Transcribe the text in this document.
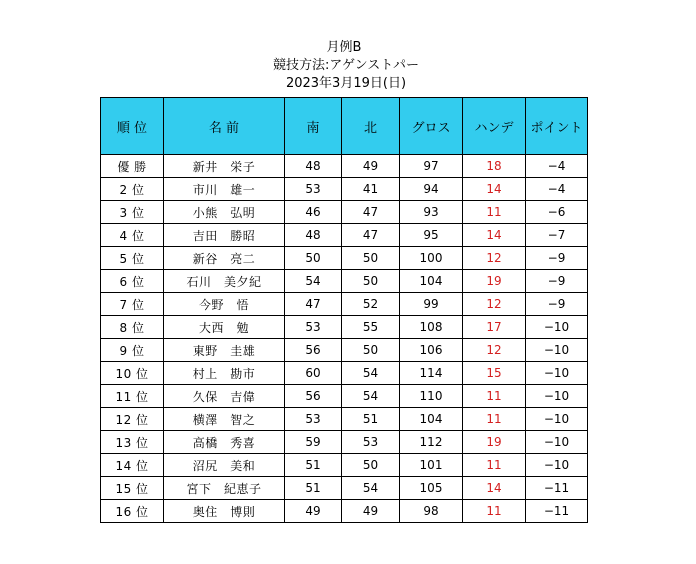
月例B
競技方法:アゲンストパー
2023年3月19日(日)
順 位	名 前	南	北	グロス	ハンデ	ポイント
優 勝	新井　栄子	48	49	97	18	−4
2 位	市川　雄一	53	41	94	14	−4
3 位	小熊　弘明	46	47	93	11	−6
4 位	吉田　勝昭	48	47	95	14	−7
5 位	新谷　亮二	50	50	100	12	−9
6 位	石川　美夕紀	54	50	104	19	−9
7 位	今野　悟	47	52	99	12	−9
8 位	大西　勉	53	55	108	17	−10
9 位	東野　圭雄	56	50	106	12	−10
10 位	村上　勘市	60	54	114	15	−10
11 位	久保　吉偉	56	54	110	11	−10
12 位	横澤　智之	53	51	104	11	−10
13 位	高橋　秀喜	59	53	112	19	−10
14 位	沼尻　美和	51	50	101	11	−10
15 位	宮下　紀恵子	51	54	105	14	−11
16 位	奥住　博則	49	49	98	11	−11
